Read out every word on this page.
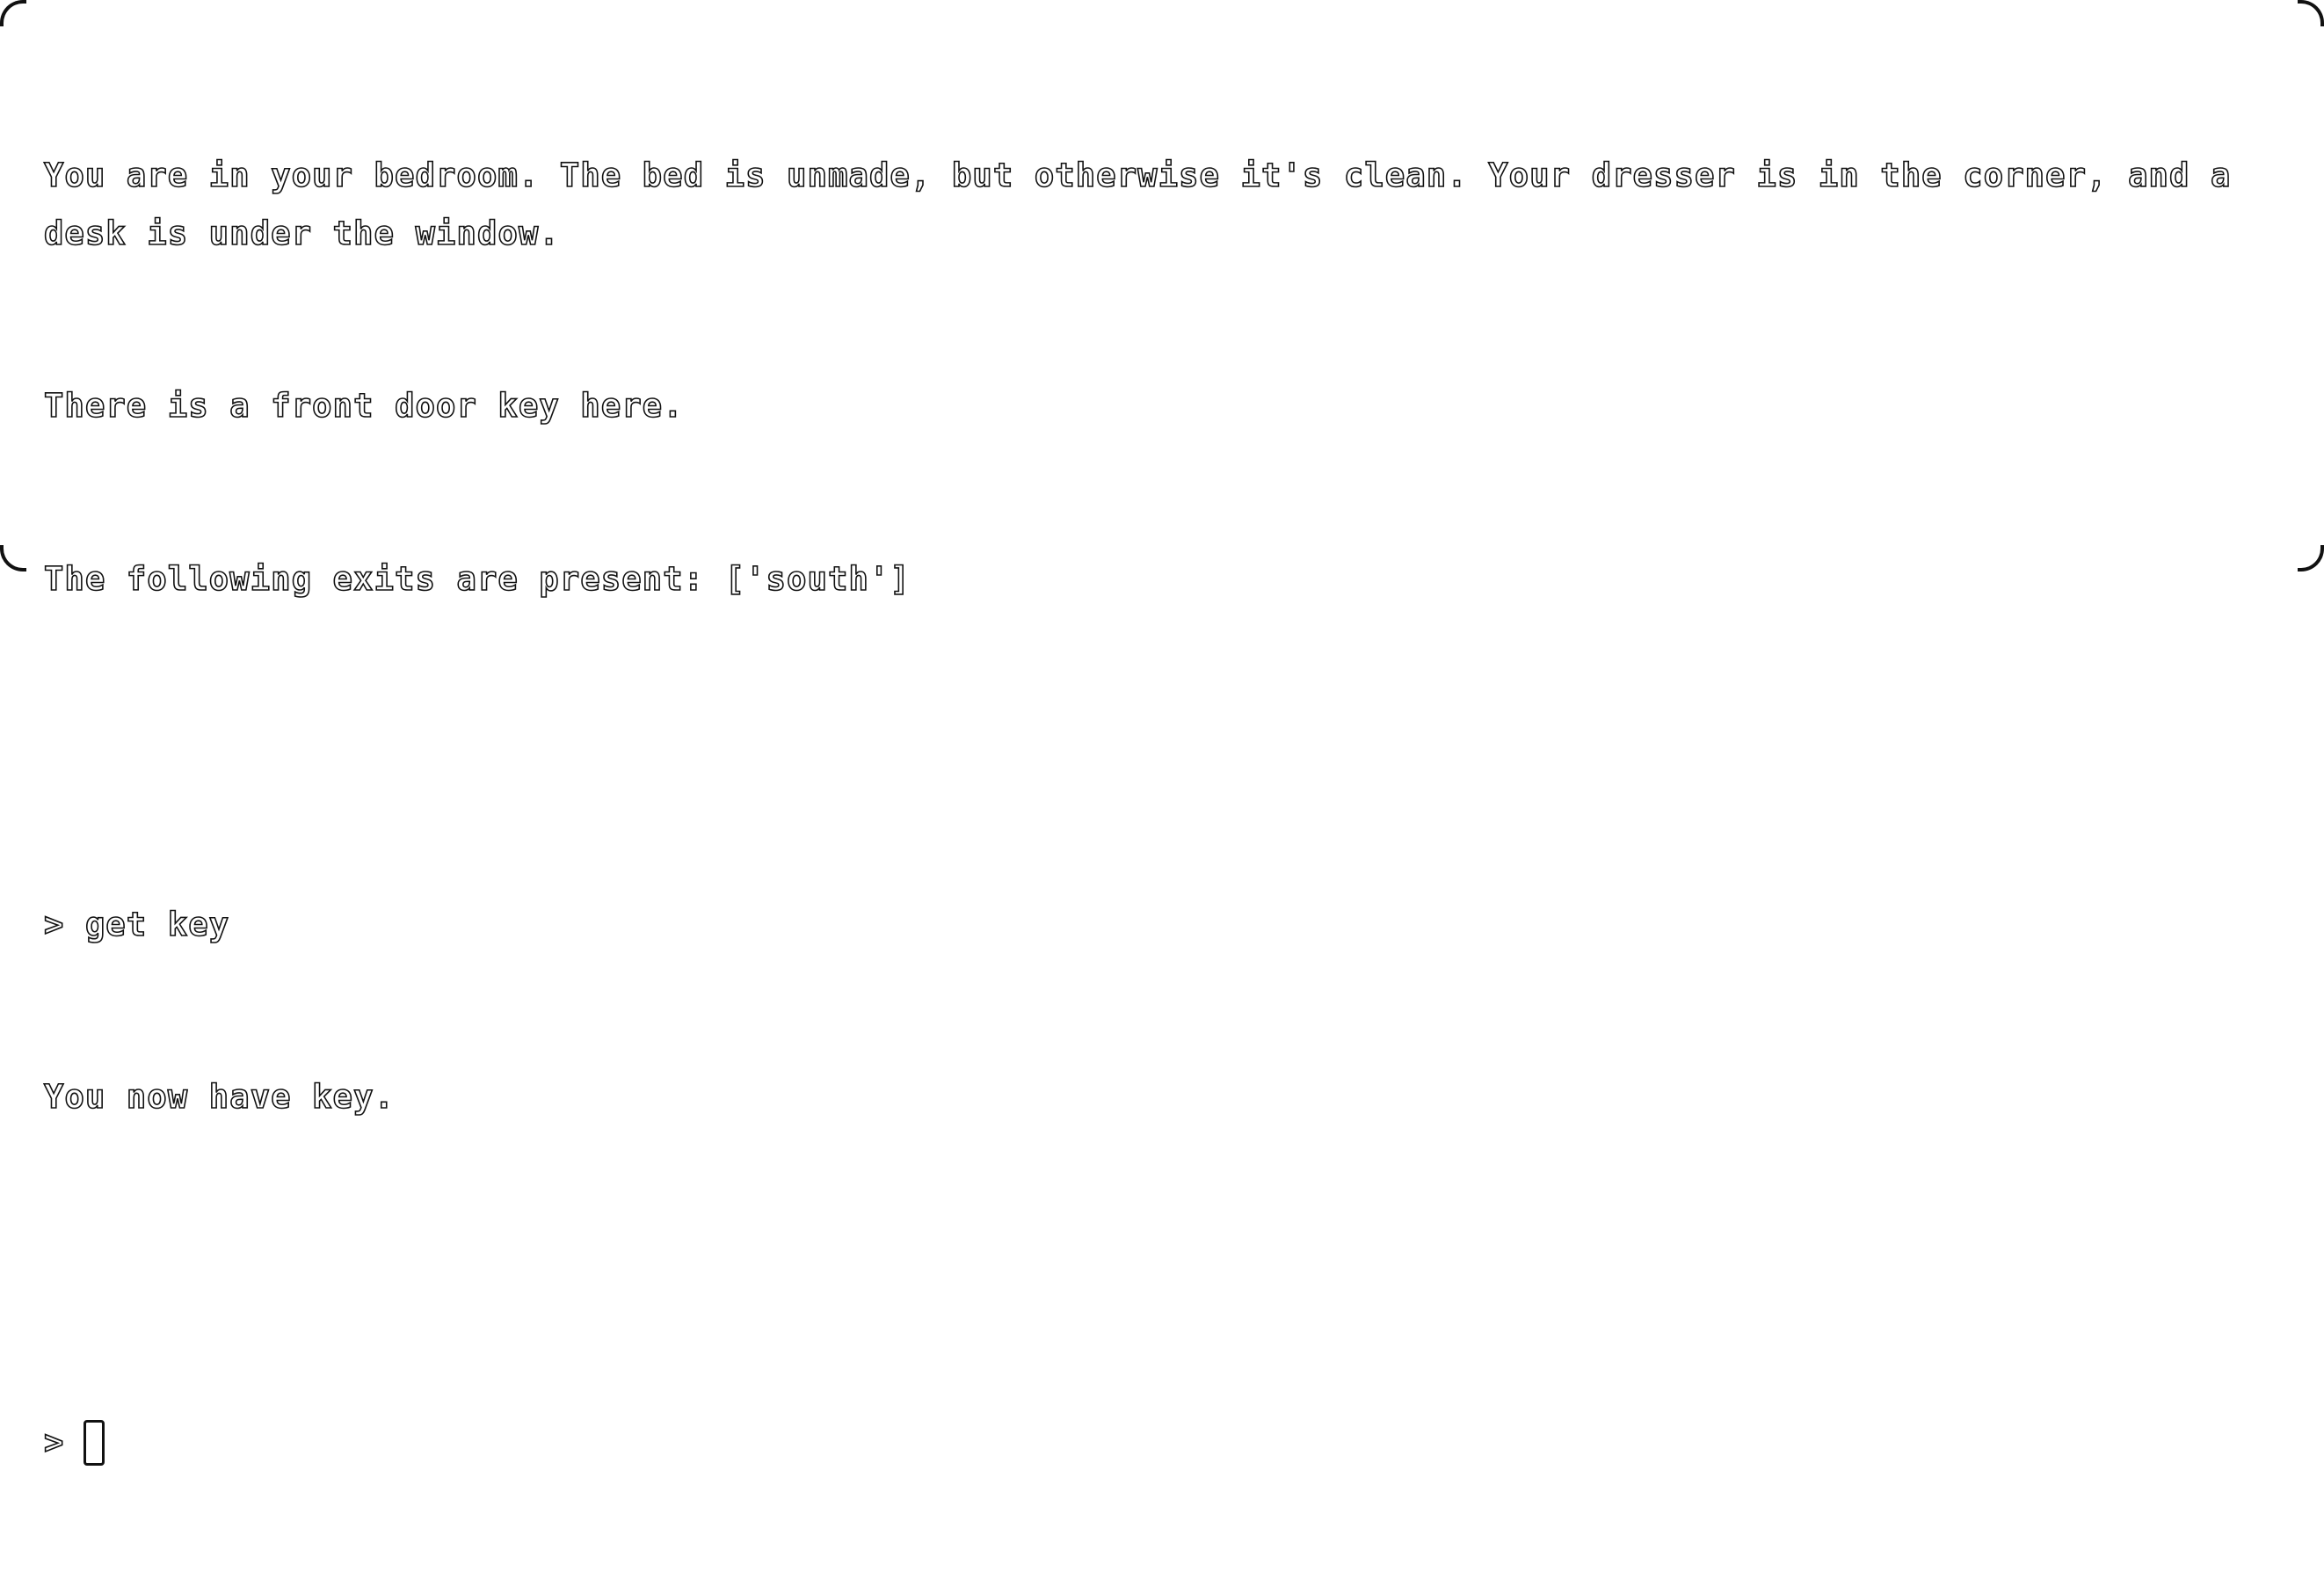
You are in your bedroom. The bed is unmade, but otherwise it's clean. Your dresser is in the corner, and a desk is under the window.

There is a front door key here.

The following exits are present: ['south']

> get key

You now have key.

>
